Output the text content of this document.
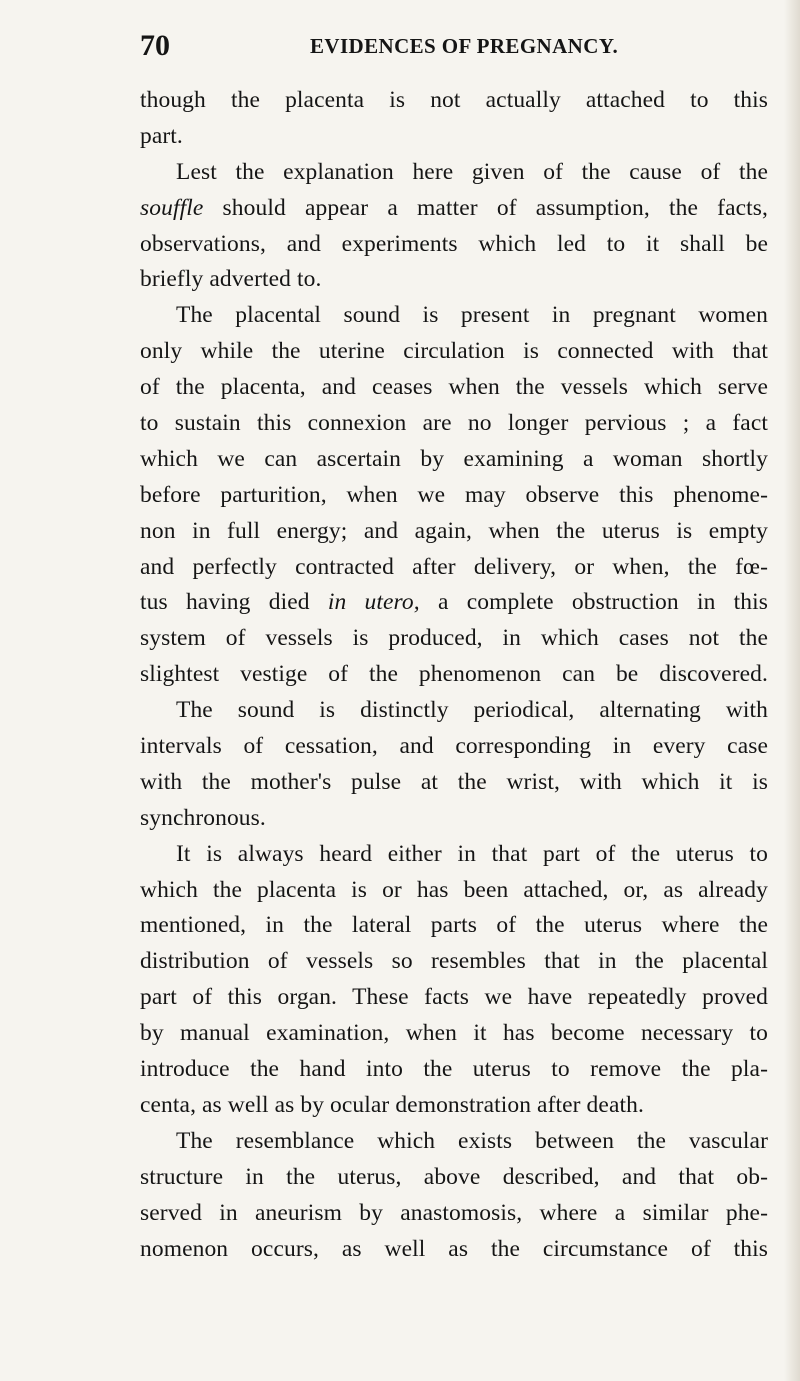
70	EVIDENCES OF PREGNANCY.
though the placenta is not actually attached to this
part.
Lest the explanation here given of the cause of the
souffle should appear a matter of assumption, the facts,
observations, and experiments which led to it shall be
briefly adverted to.
The placental sound is present in pregnant women
only while the uterine circulation is connected with that
of the placenta, and ceases when the vessels which serve
to sustain this connexion are no longer pervious ; a fact
which we can ascertain by examining a woman shortly
before parturition, when we may observe this phenome-
non in full energy; and again, when the uterus is empty
and perfectly contracted after delivery, or when, the fœ-
tus having died in utero, a complete obstruction in this
system of vessels is produced, in which cases not the
slightest vestige of the phenomenon can be discovered.
The sound is distinctly periodical, alternating with
intervals of cessation, and corresponding in every case
with the mother's pulse at the wrist, with which it is
synchronous.
It is always heard either in that part of the uterus to
which the placenta is or has been attached, or, as already
mentioned, in the lateral parts of the uterus where the
distribution of vessels so resembles that in the placental
part of this organ. These facts we have repeatedly proved
by manual examination, when it has become necessary to
introduce the hand into the uterus to remove the pla-
centa, as well as by ocular demonstration after death.
The resemblance which exists between the vascular
structure in the uterus, above described, and that ob-
served in aneurism by anastomosis, where a similar phe-
nomenon occurs, as well as the circumstance of this
